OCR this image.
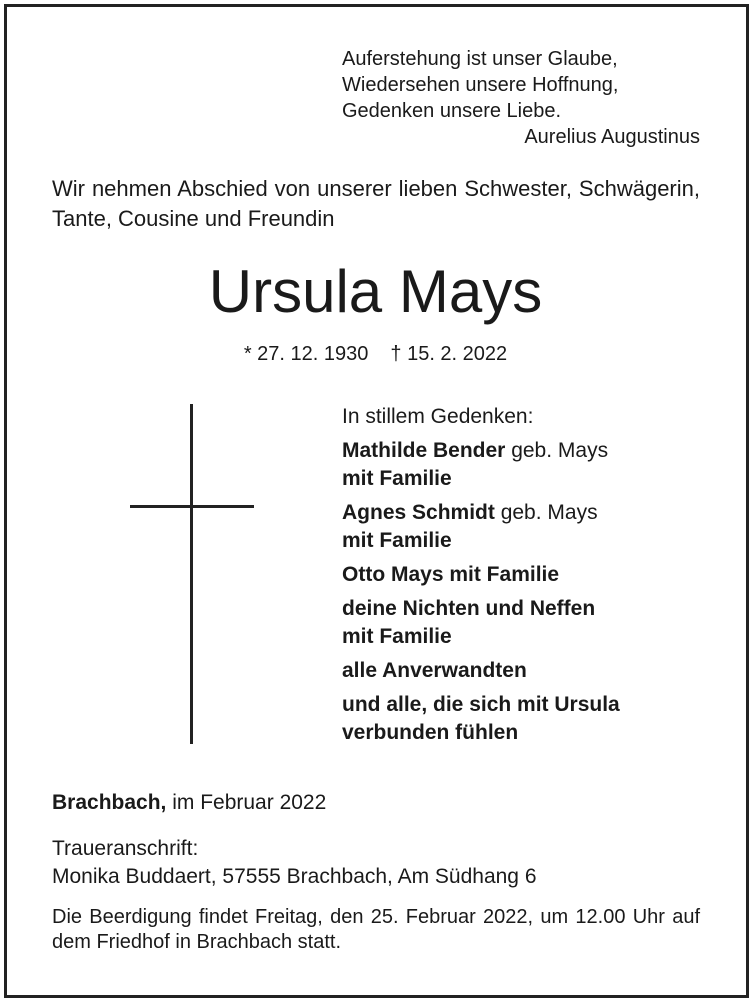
Auferstehung ist unser Glaube,
Wiedersehen unsere Hoffnung,
Gedenken unsere Liebe.
Aurelius Augustinus
Wir nehmen Abschied von unserer lieben Schwester, Schwägerin, Tante, Cousine und Freundin
Ursula Mays
* 27. 12. 1930 † 15. 2. 2022
In stillem Gedenken:
Mathilde Bender geb. Mays
mit Familie
Agnes Schmidt geb. Mays
mit Familie
Otto Mays mit Familie
deine Nichten und Neffen
mit Familie
alle Anverwandten
und alle, die sich mit Ursula
verbunden fühlen
Brachbach, im Februar 2022
Traueranschrift:
Monika Buddaert, 57555 Brachbach, Am Südhang 6
Die Beerdigung findet Freitag, den 25. Februar 2022, um 12.00 Uhr auf dem Friedhof in Brachbach statt.
